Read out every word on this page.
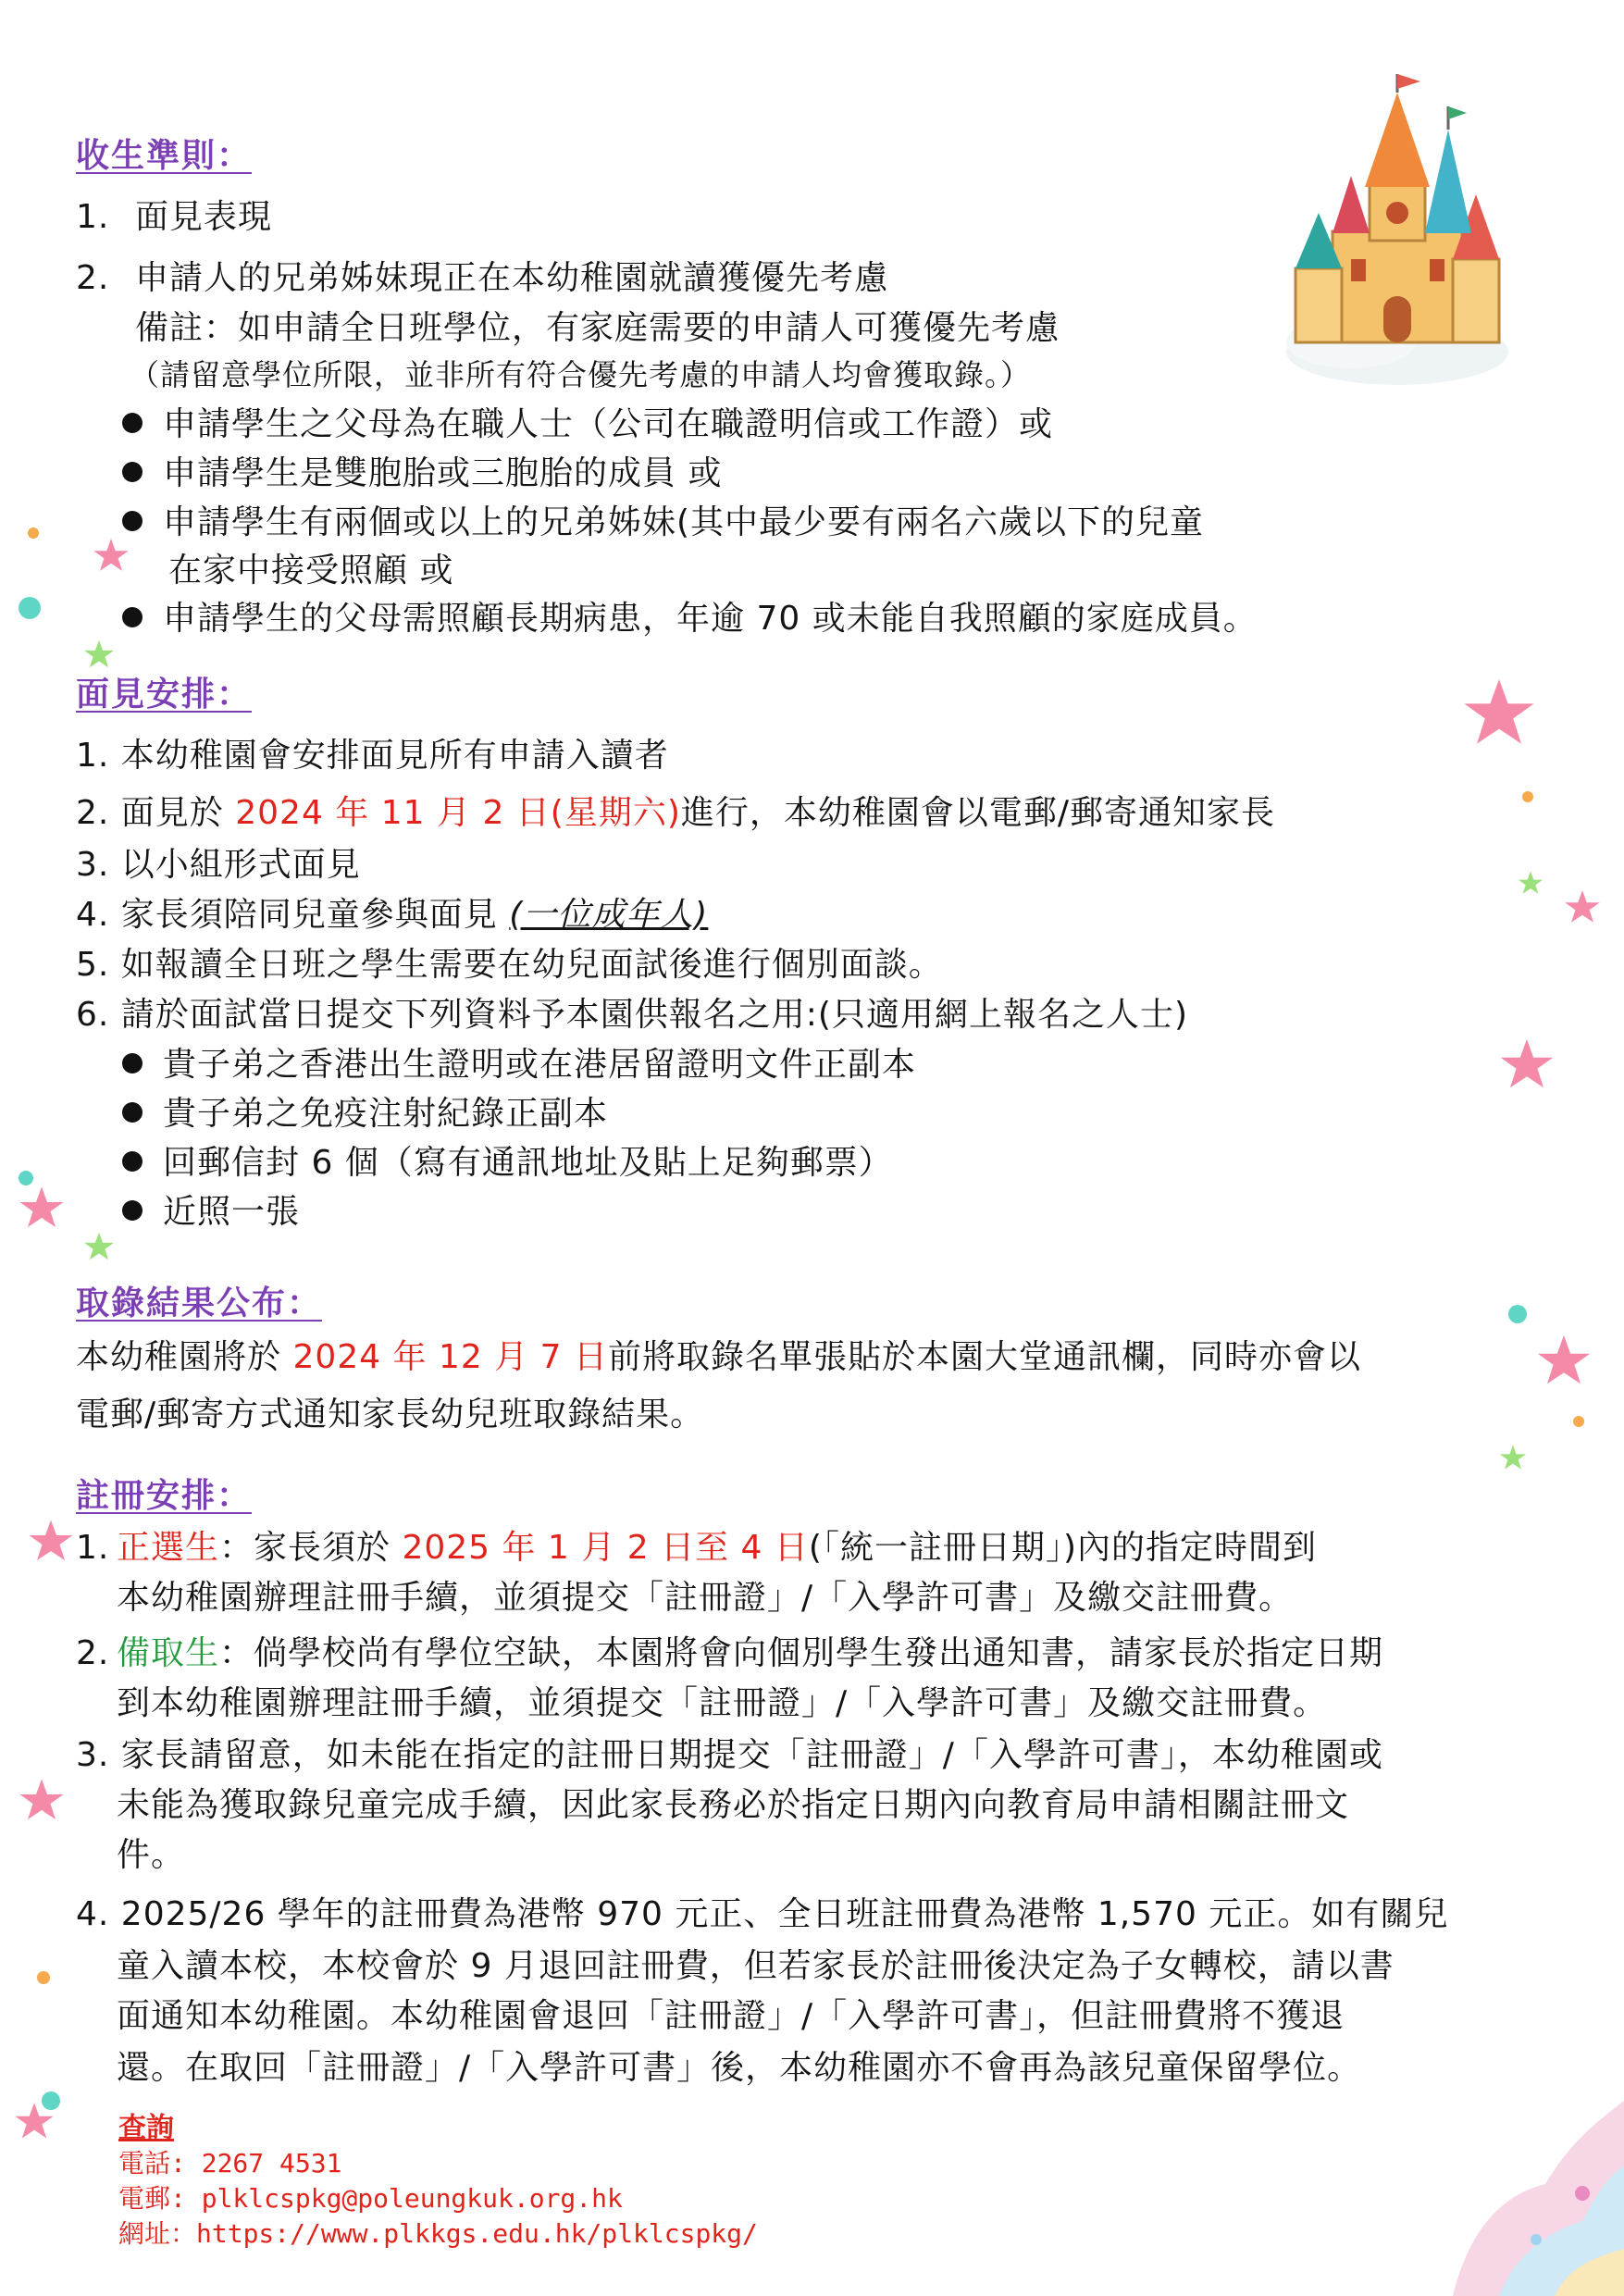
收生準則：
1. 面見表現
2. 申請人的兄弟姊妹現正在本幼稚園就讀獲優先考慮
備註：如申請全日班學位，有家庭需要的申請人可獲優先考慮
（請留意學位所限，並非所有符合優先考慮的申請人均會獲取錄。）
申請學生之父母為在職人士（公司在職證明信或工作證）或
申請學生是雙胞胎或三胞胎的成員 或
申請學生有兩個或以上的兄弟姊妹(其中最少要有兩名六歲以下的兒童
在家中接受照顧 或
申請學生的父母需照顧長期病患，年逾 70 或未能自我照顧的家庭成員。
面見安排：
1. 本幼稚園會安排面見所有申請入讀者
2. 面見於 2024 年 11 月 2 日(星期六)進行，本幼稚園會以電郵/郵寄通知家長
3. 以小組形式面見
4. 家長須陪同兒童參與面見 (一位成年人)
5. 如報讀全日班之學生需要在幼兒面試後進行個別面談。
6. 請於面試當日提交下列資料予本園供報名之用:(只適用網上報名之人士)
貴子弟之香港出生證明或在港居留證明文件正副本
貴子弟之免疫注射紀錄正副本
回郵信封 6 個（寫有通訊地址及貼上足夠郵票）
近照一張
取錄結果公布：
本幼稚園將於 2024 年 12 月 7 日前將取錄名單張貼於本園大堂通訊欄，同時亦會以
電郵/郵寄方式通知家長幼兒班取錄結果。
註冊安排：
1. 正選生：家長須於 2025 年 1 月 2 日至 4 日(「統一註冊日期」)內的指定時間到
本幼稚園辦理註冊手續，並須提交「註冊證」/「入學許可書」及繳交註冊費。
2. 備取生：倘學校尚有學位空缺，本園將會向個別學生發出通知書，請家長於指定日期
到本幼稚園辦理註冊手續，並須提交「註冊證」/「入學許可書」及繳交註冊費。
3. 家長請留意，如未能在指定的註冊日期提交「註冊證」/「入學許可書」，本幼稚園或
未能為獲取錄兒童完成手續，因此家長務必於指定日期內向教育局申請相關註冊文
件。
4. 2025/26 學年的註冊費為港幣 970 元正、全日班註冊費為港幣 1,570 元正。如有關兒
童入讀本校，本校會於 9 月退回註冊費，但若家長於註冊後決定為子女轉校，請以書
面通知本幼稚園。本幼稚園會退回「註冊證」/「入學許可書」，但註冊費將不獲退
還。在取回「註冊證」/「入學許可書」後，本幼稚園亦不會再為該兒童保留學位。
查詢
電話: 2267 4531
電郵: plklcspkg@poleungkuk.org.hk
網址：https://www.plkkgs.edu.hk/plklcspkg/
